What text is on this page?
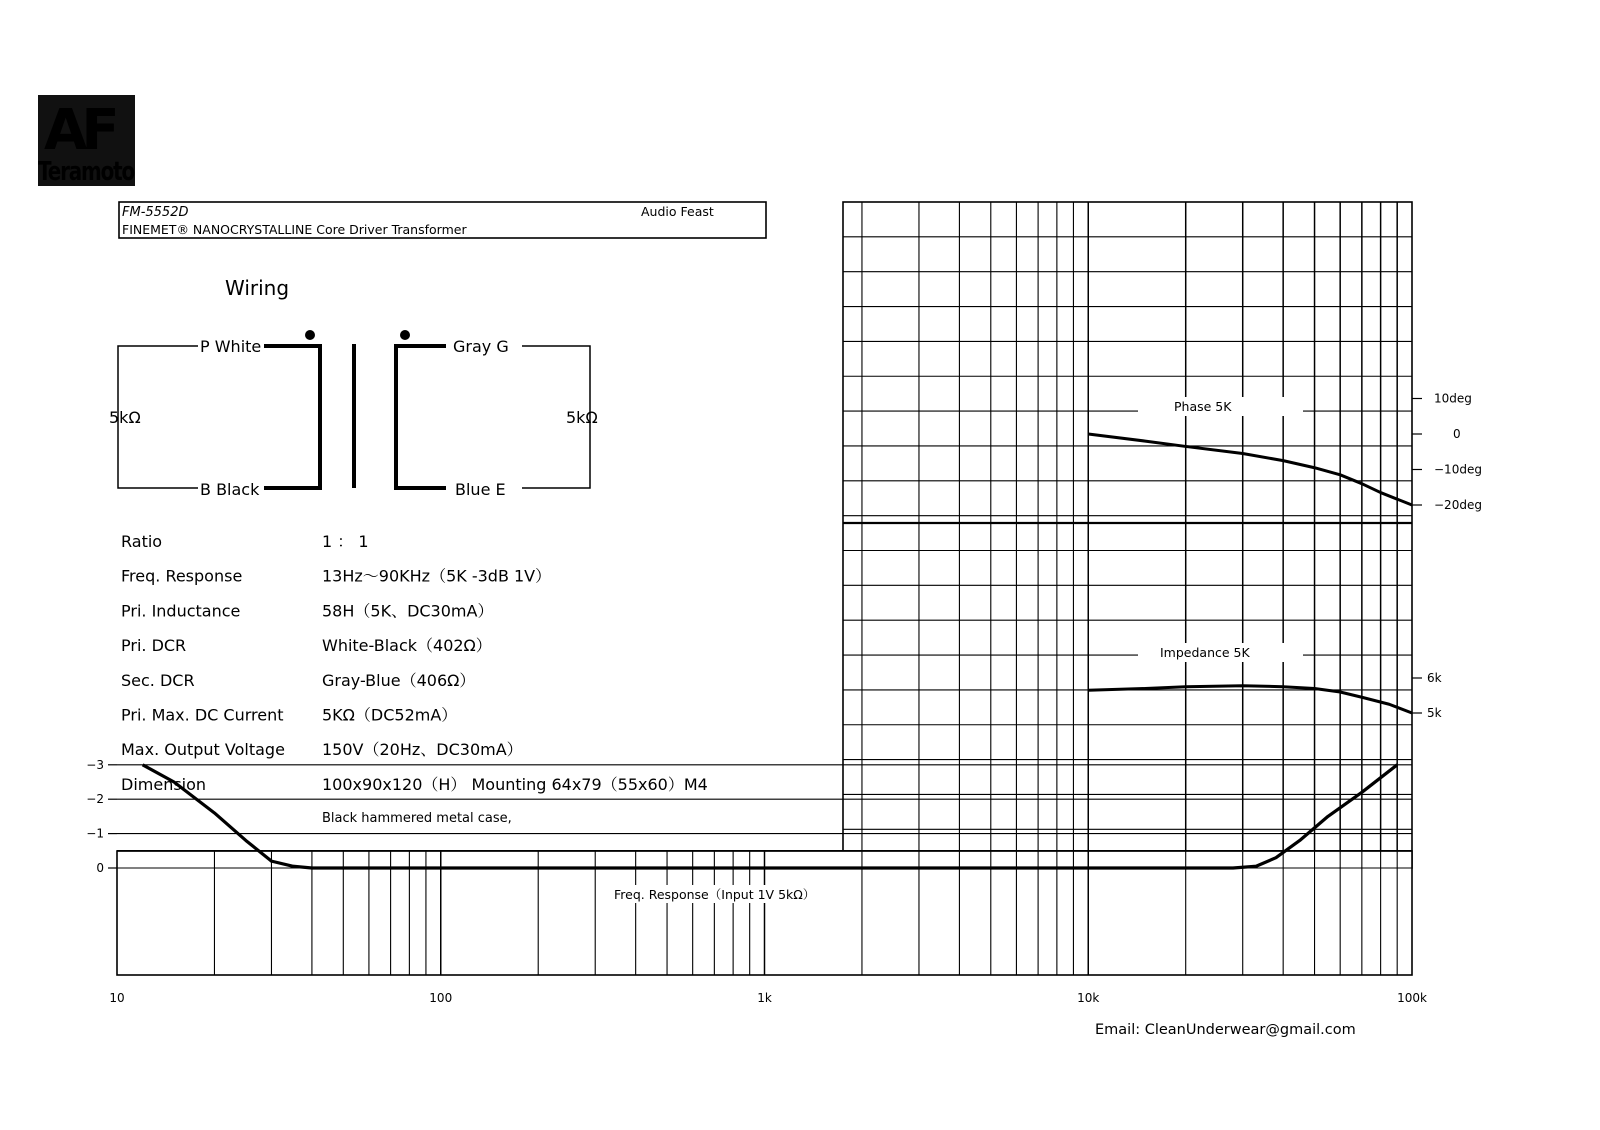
AF
Teramoto
FM-5552D
FINEMET® NANOCRYSTALLINE Core Driver Transformer
Audio Feast
Wiring
5kΩ
P White
B Black
Gray G
Blue E
5kΩ
Ratio	1 ： 1
Freq. Response	13Hz～90KHz（5K -3dB 1V）
Pri. Inductance	58H（5K、DC30mA）
Pri. DCR	White-Black（402Ω）
Sec. DCR	Gray-Blue（406Ω）
Pri. Max. DC Current 5KΩ（DC52mA）
Max. Output Voltage 150V（20Hz、DC30mA）
Dimension	100x90x120（H） Mounting 64x79（55x60）M4
Black hammered metal case,
Phase 5K
10deg
0
−10deg
−20deg
Impedance 5K
6k
5k
Freq. Response（Input 1V 5kΩ）
0
−1
−2
−3
10	100	1k	10k	100k
Email: CleanUnderwear@gmail.com
